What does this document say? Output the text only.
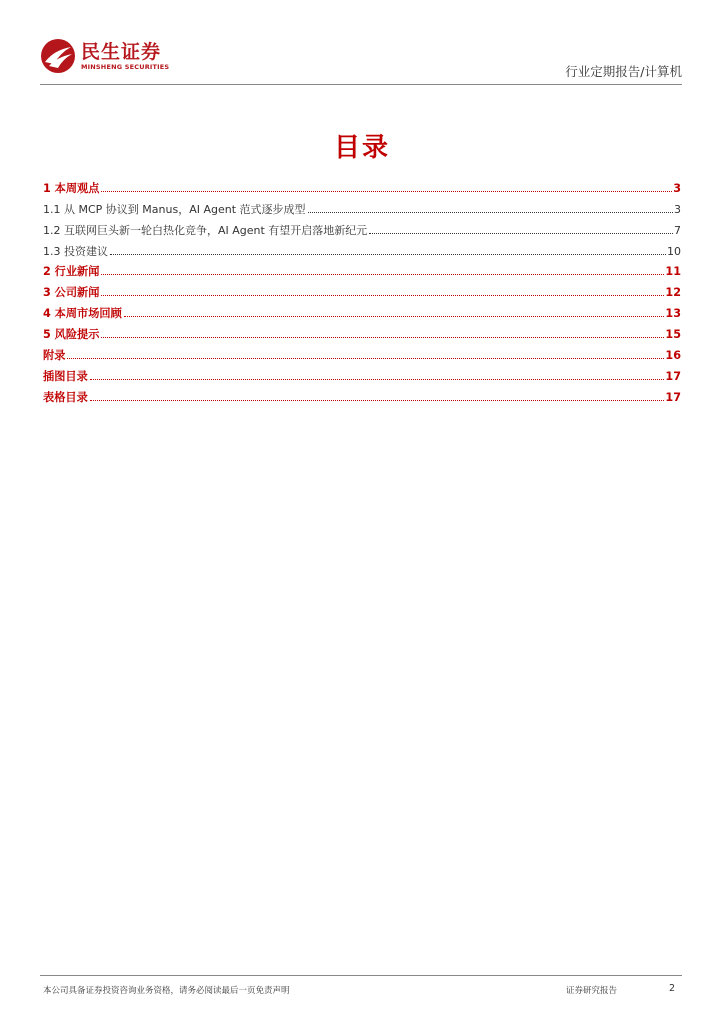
民生证券
MINSHENG SECURITIES	行业定期报告/计算机
目录
1 本周观点	3
1.1 从 MCP 协议到 Manus，AI Agent 范式逐步成型	3
1.2 互联网巨头新一轮白热化竞争，AI Agent 有望开启落地新纪元	7
1.3 投资建议	10
2 行业新闻	11
3 公司新闻	12
4 本周市场回顾	13
5 风险提示	15
附录	16
插图目录	17
表格目录	17
本公司具备证券投资咨询业务资格，请务必阅读最后一页免责声明	证券研究报告	2
